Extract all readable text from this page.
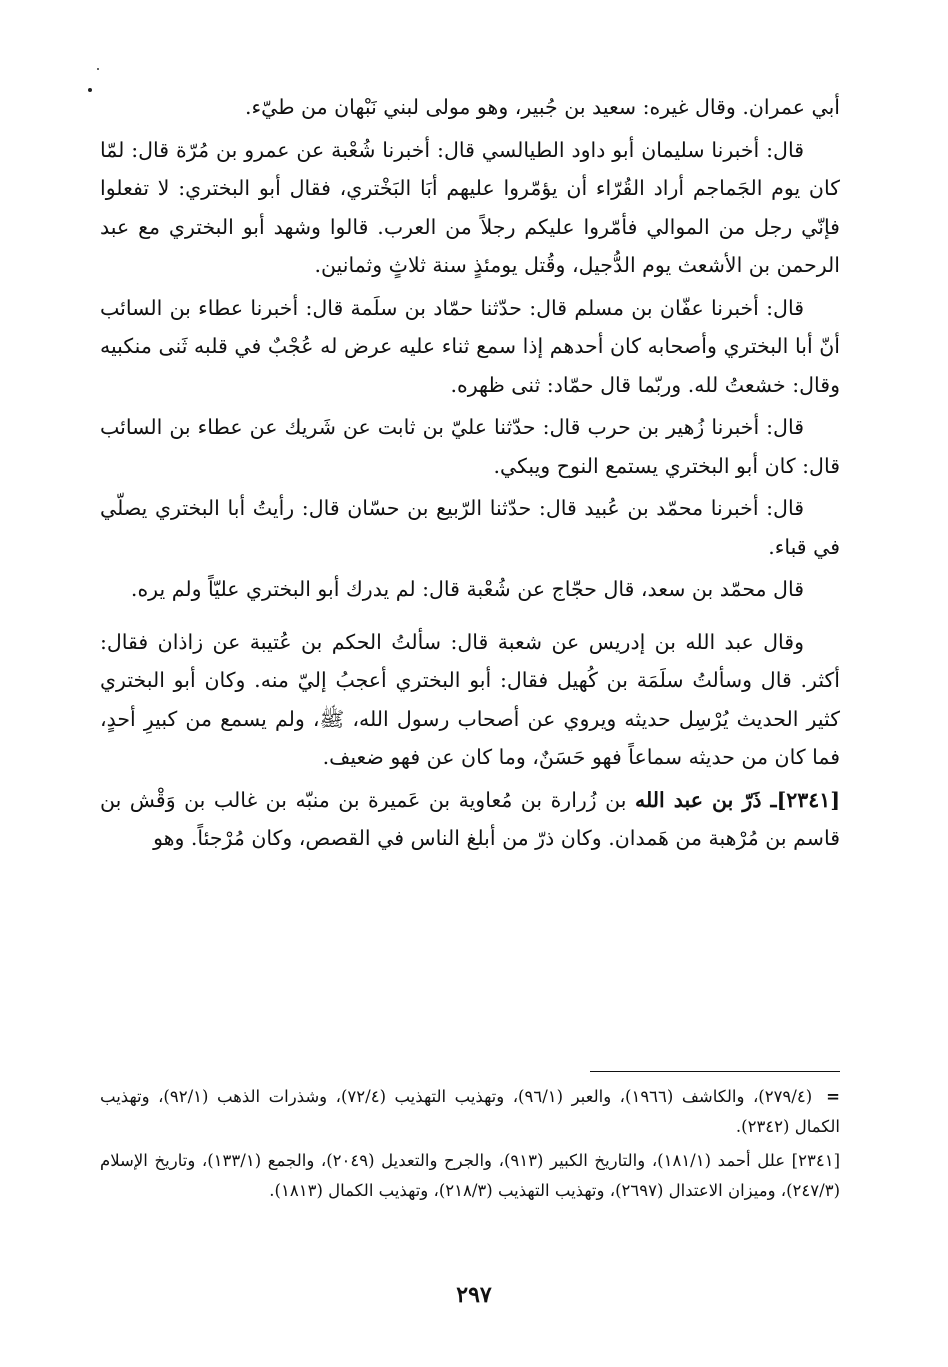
أبي عمران. وقال غيره: سعيد بن جُبير، وهو مولى لبني نَبْهان من طيّء.

قال: أخبرنا سليمان أبو داود الطيالسي قال: أخبرنا شُعْبة عن عمرو بن مُرّة قال: لمّا كان يوم الجَماجم أراد القُرّاء أن يؤمّروا عليهم أبَا البَخْتري، فقال أبو البختري: لا تفعلوا فإنّي رجل من الموالي فأمّروا عليكم رجلاً من العرب. قالوا وشهد أبو البختري مع عبد الرحمن بن الأشعث يوم الدُّجيل، وقُتل يومئذٍ سنة ثلاثٍ وثمانين.

قال: أخبرنا عفّان بن مسلم قال: حدّثنا حمّاد بن سلَمة قال: أخبرنا عطاء بن السائب أنّ أبا البختري وأصحابه كان أحدهم إذا سمع ثناء عليه عرض له عُجْبٌ في قلبه ثَنى منكبيه وقال: خشعتُ لله. وربّما قال حمّاد: ثنى ظهره.

قال: أخبرنا زُهير بن حرب قال: حدّثنا عليّ بن ثابت عن شَريك عن عطاء بن السائب قال: كان أبو البختري يستمع النوح ويبكي.

قال: أخبرنا محمّد بن عُبيد قال: حدّثنا الرّبيع بن حسّان قال: رأيتُ أبا البختري يصلّي في قباء.

قال محمّد بن سعد، قال حجّاج عن شُعْبة قال: لم يدرك أبو البختري عليّاً ولم يره.

وقال عبد الله بن إدريس عن شعبة قال: سألتُ الحكم بن عُتيبة عن زاذان فقال: أكثر. قال وسألتُ سلَمَة بن كُهيل فقال: أبو البختري أعجبُ إليّ منه. وكان أبو البختري كثير الحديث يُرْسِل حديثه ويروي عن أصحاب رسول الله، ﷺ، ولم يسمع من كبيرِ أحدٍ، فما كان من حديثه سماعاً فهو حَسَنٌ، وما كان عن فهو ضعيف.

[٢٣٤١]ـ ذَرّ بن عبد الله بن زُرارة بن مُعاوية بن عَميرة بن منبّه بن غالب بن وَقْش بن قاسم بن مُرْهبة من هَمدان. وكان ذرّ من أبلغ الناس في القصص، وكان مُرْجئاً. وهو

=(٢٧٩/٤)، والكاشف (١٩٦٦)، والعبر (٩٦/١)، وتهذيب التهذيب (٧٢/٤)، وشذرات الذهب (٩٢/١)، وتهذيب الكمال (٢٣٤٢).

[٢٣٤١] علل أحمد (١٨١/١)، والتاريخ الكبير (٩١٣)، والجرح والتعديل (٢٠٤٩)، والجمع (١٣٣/١)، وتاريخ الإسلام (٢٤٧/٣)، وميزان الاعتدال (٢٦٩٧)، وتهذيب التهذيب (٢١٨/٣)، وتهذيب الكمال (١٨١٣).

٢٩٧
